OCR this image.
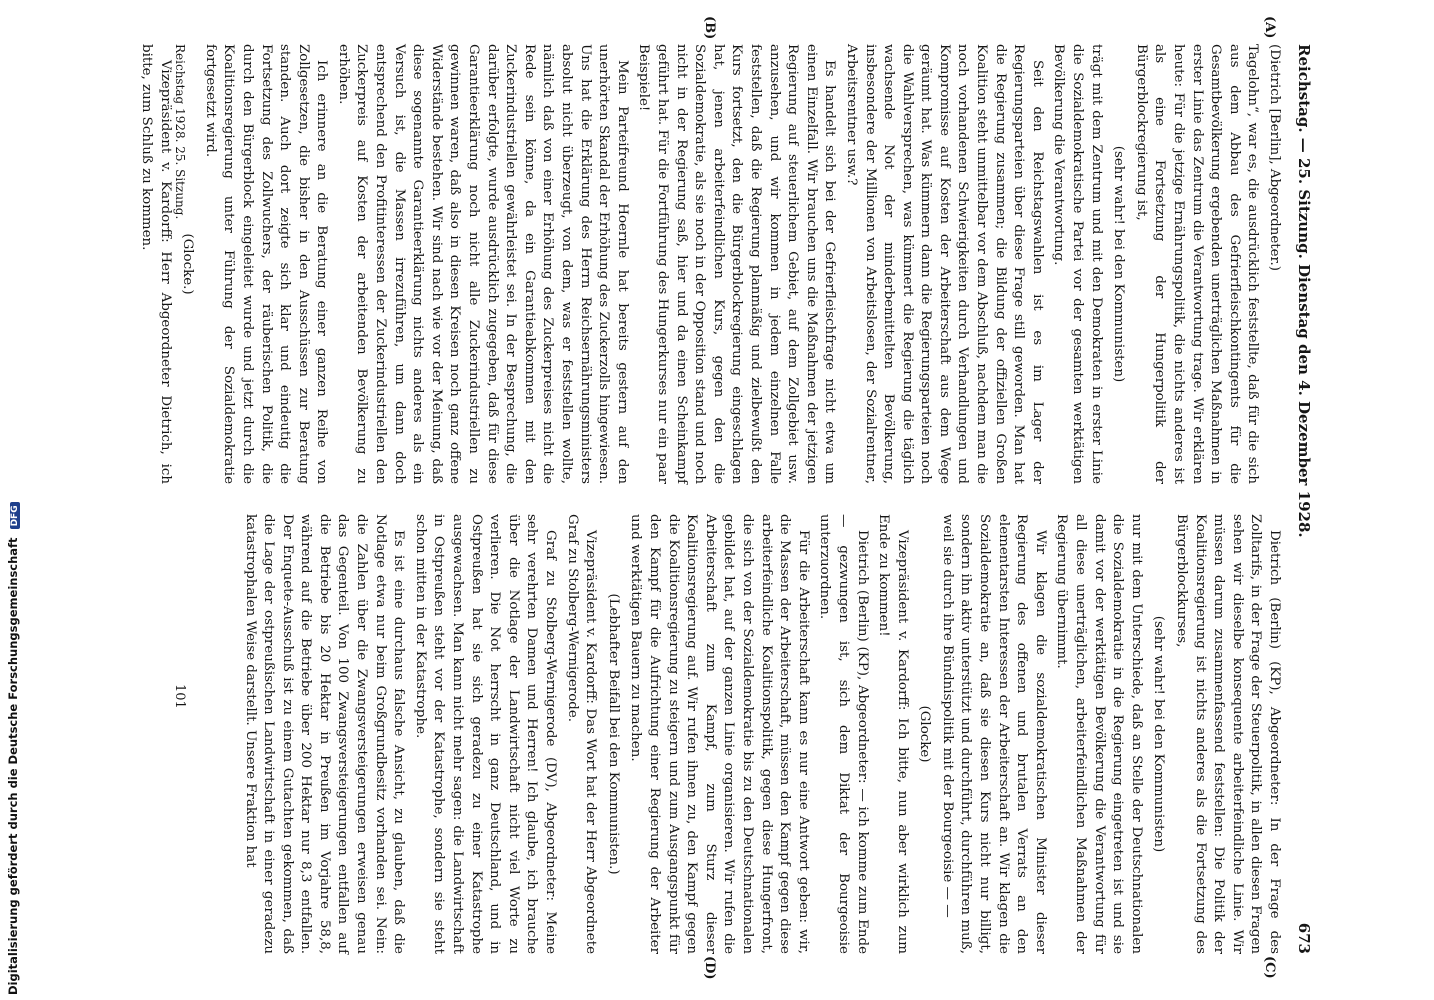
Reichstag. — 25. Sitzung. Dienstag den 4. Dezember 1928.
673
(A)
(B)
(C)
(D)

(Dietrich [Berlin], Abgeordneter.)

Tagelohn“, war es, die ausdrücklich feststellte, daß für die sich aus dem Abbau des Gefrierfleischkontingents für die Gesamtbevölkerung ergebenden unerträglichen Maßnahmen in erster Linie das Zentrum die Verantwortung trage. Wir erklären heute: Für die jetzige Ernährungspolitik, die nichts anderes ist als eine Fortsetzung der Hungerpolitik der Bürgerblockregierung ist,

(sehr wahr! bei den Kommunisten)

trägt mit dem Zentrum und mit den Demokraten in erster Linie die Sozialdemokratische Partei vor der gesamten werktätigen Bevölkerung die Verantwortung.

Seit den Reichstagswahlen ist es im Lager der Regierungsparteien über diese Frage still geworden. Man hat die Regierung zusammen; die Bildung der offiziellen Großen Koalition steht unmittelbar vor dem Abschluß, nachdem man die noch vorhandenen Schwierigkeiten durch Verhandlungen und Kompromisse auf Kosten der Arbeiterschaft aus dem Wege geräumt hat. Was kümmern dann die Regierungsparteien noch die Wahlversprechen, was kümmert die Regierung die täglich wachsende Not der minderbemittelten Bevölkerung, insbesondere der Millionen von Arbeitslosen, der Sozialrentner, Arbeitsrentner usw.?

Es handelt sich bei der Gefrierfleischfrage nicht etwa um einen Einzelfall. Wir brauchen uns die Maßnahmen der jetzigen Regierung auf steuerlichem Gebiet, auf dem Zollgebiet usw. anzusehen, und wir kommen in jedem einzelnen Falle feststellen, daß die Regierung planmäßig und zielbewußt den Kurs fortsetzt, den die Bürgerblockregierung eingeschlagen hat, jenen arbeiterfeindlichen Kurs, gegen den die Sozialdemokratie, als sie noch in der Opposition stand und noch nicht in der Regierung saß, hier und da einen Scheinkampf geführt hat. Für die Fortführung des Hungerkurses nur ein paar Beispiele!

Mein Parteifreund Hoernle hat bereits gestern auf den unerhörten Skandal der Erhöhung des Zuckerzolls hingewiesen. Uns hat die Erklärung des Herrn Reichsernährungsministers absolut nicht überzeugt, von dem, was er feststellen wollte, nämlich daß von einer Erhöhung des Zuckerpreises nicht die Rede sein könne, da ein Garantieabkommen mit den Zuckerindustriellen gewährleistet sei. In der Besprechung, die darüber erfolgte, wurde ausdrücklich zugegeben, daß für diese Garantieerklärung noch nicht alle Zuckerindustriellen zu gewinnen waren, daß also in diesen Kreisen noch ganz offene Widerstände bestehen. Wir sind nach wie vor der Meinung, daß diese sogenannte Garantieerklärung nichts anderes als ein Versuch ist, die Massen irrezuführen, um dann doch entsprechend den Profitinteressen der Zuckerindustriellen den Zuckerpreis auf Kosten der arbeitenden Bevölkerung zu erhöhen.

Ich erinnere an die Beratung einer ganzen Reihe von Zollgesetzen, die bisher in den Ausschüssen zur Beratung standen. Auch dort zeigte sich klar und eindeutig die Fortsetzung des Zollwuchers, der räuberischen Politik, die durch den Bürgerblock eingeleitet wurde und jetzt durch die Koalitionsregierung unter Führung der Sozialdemokratie fortgesetzt wird.

(Glocke.)

Vizepräsident v. Kardorff: Herr Abgeordneter Dietrich, ich bitte, zum Schluß zu kommen.

Dietrich (Berlin) (KP), Abgeordneter: In der Frage des Zolltarifs, in der Frage der Steuerpolitik, in allen diesen Fragen sehen wir dieselbe konsequente arbeiterfeindliche Linie. Wir müssen darum zusammenfassend feststellen: Die Politik der Koalitionsregierung ist nichts anderes als die Fortsetzung des Bürgerblockkurses,

(sehr wahr! bei den Kommunisten)

nur mit dem Unterschiede, daß an Stelle der Deutschnationalen die Sozialdemokratie in die Regierung eingetreten ist und sie damit vor der werktätigen Bevölkerung die Verantwortung für all diese unerträglichen, arbeiterfeindlichen Maßnahmen der Regierung übernimmt.

Wir klagen die sozialdemokratischen Minister dieser Regierung des offenen und brutalen Verrats an den elementarsten Interessen der Arbeiterschaft an. Wir klagen die Sozialdemokratie an, daß sie diesen Kurs nicht nur billigt, sondern ihn aktiv unterstützt und durchführt, durchführen muß, weil sie durch ihre Bündnispolitik mit der Bourgeoisie — —

(Glocke)

Vizepräsident v. Kardorff: Ich bitte, nun aber wirklich zum Ende zu kommen!

Dietrich (Berlin) (KP), Abgeordneter: — ich komme zum Ende — gezwungen ist, sich dem Diktat der Bourgeoisie unterzuordnen.

Für die Arbeiterschaft kann es nur eine Antwort geben: wir, die Massen der Arbeiterschaft, müssen den Kampf gegen diese arbeiterfeindliche Koalitionspolitik, gegen diese Hungerfront, die sich von der Sozialdemokratie bis zu den Deutschnationalen gebildet hat, auf der ganzen Linie organisieren. Wir rufen die Arbeiterschaft zum Kampf, zum Sturz dieser Koalitionsregierung auf. Wir rufen ihnen zu, den Kampf gegen die Koalitionsregierung zu steigern und zum Ausgangspunkt für den Kampf für die Aufrichtung einer Regierung der Arbeiter und werktätigen Bauern zu machen.

(Lebhafter Beifall bei den Kommunisten.)

Vizepräsident v. Kardorff: Das Wort hat der Herr Abgeordnete Graf zu Stolberg-Wernigerode.

Graf zu Stolberg-Wernigerode (DV), Abgeordneter: Meine sehr verehrten Damen und Herren! Ich glaube, ich brauche über die Notlage der Landwirtschaft nicht viel Worte zu verlieren. Die Not herrscht in ganz Deutschland, und in Ostpreußen hat sie sich geradezu zu einer Katastrophe ausgewachsen. Man kann nicht mehr sagen: die Landwirtschaft in Ostpreußen steht vor der Katastrophe, sondern sie steht schon mitten in der Katastrophe.

Es ist eine durchaus falsche Ansicht, zu glauben, daß die Notlage etwa nur beim Großgrundbesitz vorhanden sei. Nein: die Zahlen über die Zwangsversteigerungen erweisen genau das Gegenteil. Von 100 Zwangsversteigerungen entfallen auf die Betriebe bis 20 Hektar in Preußen im Vorjahre 58,8, während auf die Betriebe über 200 Hektar nur 8,3 entfallen. Der Enquete-Ausschuß ist zu einem Gutachten gekommen, daß die Lage der ostpreußischen Landwirtschaft in einer geradezu katastrophalen Weise darstellt. Unsere Fraktion hat

Reichstag 1928. 25. Sitzung.
101
Digitalisierung gefördert durch die Deutsche Forschungsgemeinschaft DFG
